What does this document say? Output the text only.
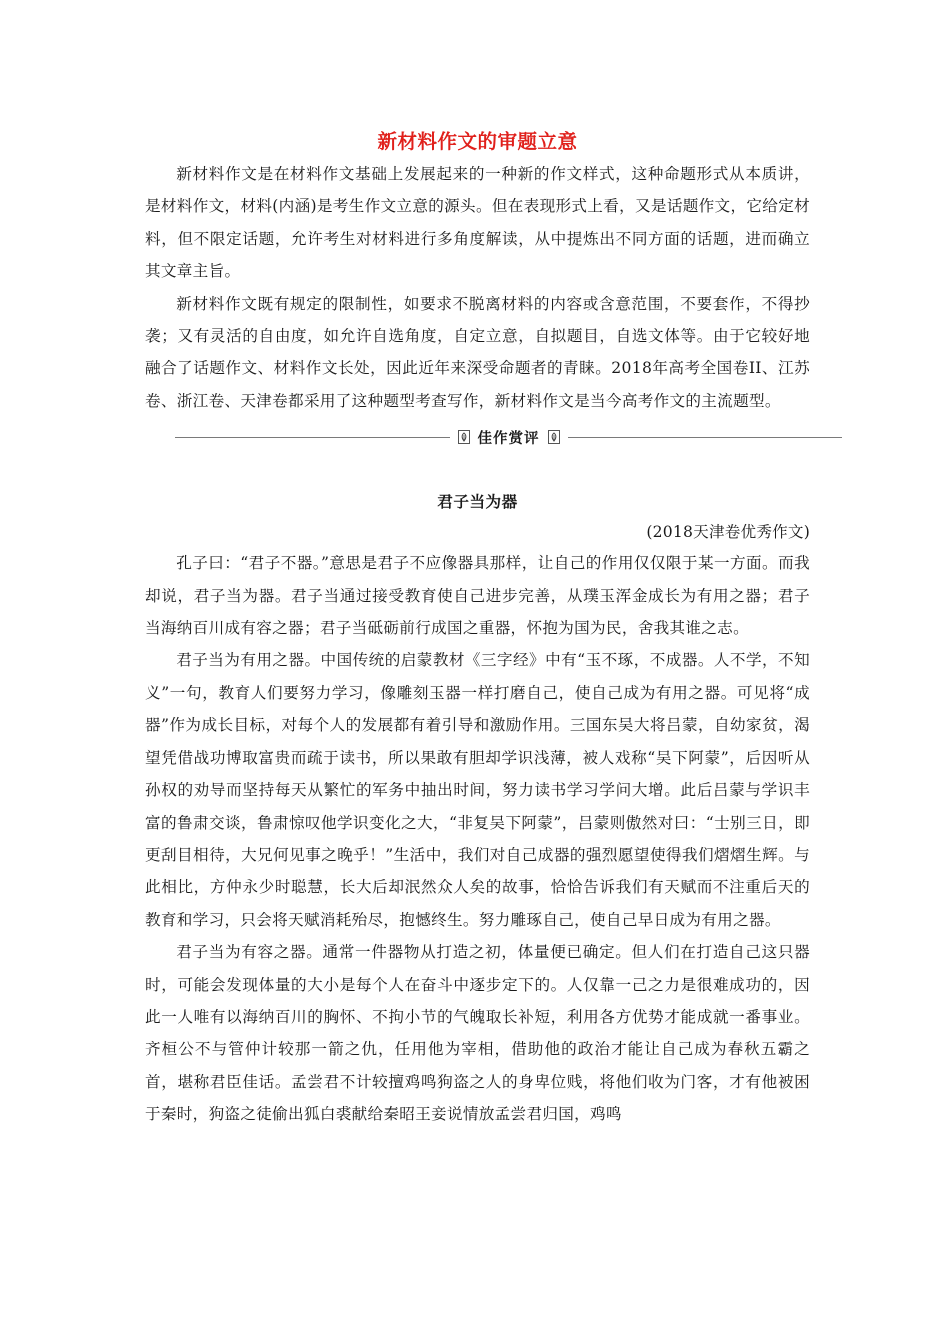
新材料作文的审题立意

新材料作文是在材料作文基础上发展起来的一种新的作文样式，这种命题形式从本质讲，是材料作文，材料(内涵)是考生作文立意的源头。但在表现形式上看，又是话题作文，它给定材料，但不限定话题，允许考生对材料进行多角度解读，从中提炼出不同方面的话题，进而确立其文章主旨。

新材料作文既有规定的限制性，如要求不脱离材料的内容或含意范围，不要套作，不得抄袭；又有灵活的自由度，如允许自选角度，自定立意，自拟题目，自选文体等。由于它较好地融合了话题作文、材料作文长处，因此近年来深受命题者的青睐。2018年高考全国卷II、江苏卷、浙江卷、天津卷都采用了这种题型考查写作，新材料作文是当今高考作文的主流题型。

佳作赏评
君子当为器

(2018天津卷优秀作文)

孔子曰：“君子不器。”意思是君子不应像器具那样，让自己的作用仅仅限于某一方面。而我却说，君子当为器。君子当通过接受教育使自己进步完善，从璞玉浑金成长为有用之器；君子当海纳百川成有容之器；君子当砥砺前行成国之重器，怀抱为国为民，舍我其谁之志。

君子当为有用之器。中国传统的启蒙教材《三字经》中有“玉不琢，不成器。人不学，不知义”一句，教育人们要努力学习，像雕刻玉器一样打磨自己，使自己成为有用之器。可见将“成器”作为成长目标，对每个人的发展都有着引导和激励作用。三国东吴大将吕蒙，自幼家贫，渴望凭借战功博取富贵而疏于读书，所以果敢有胆却学识浅薄，被人戏称“吴下阿蒙”，后因听从孙权的劝导而坚持每天从繁忙的军务中抽出时间，努力读书学习学问大增。此后吕蒙与学识丰富的鲁肃交谈，鲁肃惊叹他学识变化之大，“非复吴下阿蒙”，吕蒙则傲然对曰：“士别三日，即更刮目相待，大兄何见事之晚乎！”生活中，我们对自己成器的强烈愿望使得我们熠熠生辉。与此相比，方仲永少时聪慧，长大后却泯然众人矣的故事，恰恰告诉我们有天赋而不注重后天的教育和学习，只会将天赋消耗殆尽，抱憾终生。努力雕琢自己，使自己早日成为有用之器。

君子当为有容之器。通常一件器物从打造之初，体量便已确定。但人们在打造自己这只器时，可能会发现体量的大小是每个人在奋斗中逐步定下的。人仅靠一己之力是很难成功的，因此一人唯有以海纳百川的胸怀、不拘小节的气魄取长补短，利用各方优势才能成就一番事业。齐桓公不与管仲计较那一箭之仇，任用他为宰相，借助他的政治才能让自己成为春秋五霸之首，堪称君臣佳话。孟尝君不计较擅鸡鸣狗盗之人的身卑位贱，将他们收为门客，才有他被困于秦时，狗盗之徒偷出狐白裘献给秦昭王妾说情放孟尝君归国，鸡鸣
